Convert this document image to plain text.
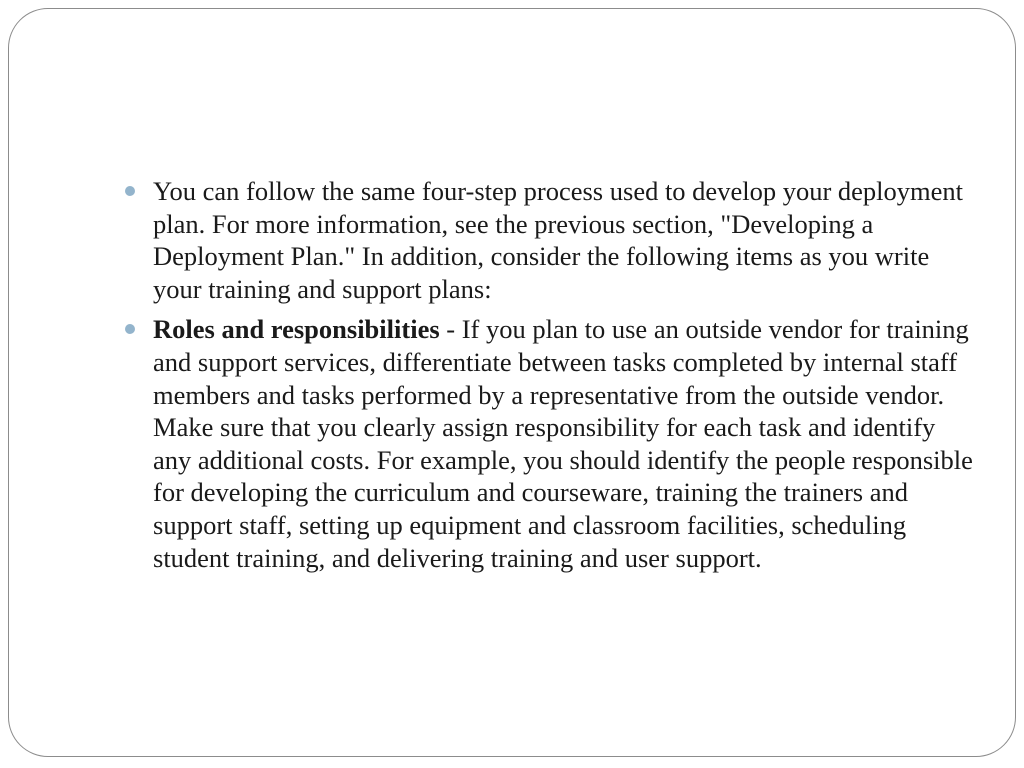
You can follow the same four-step process used to develop your deployment plan. For more information, see the previous section, "Developing a Deployment Plan." In addition, consider the following items as you write your training and support plans:
Roles and responsibilities - If you plan to use an outside vendor for training and support services, differentiate between tasks completed by internal staff members and tasks performed by a representative from the outside vendor. Make sure that you clearly assign responsibility for each task and identify any additional costs. For example, you should identify the people responsible for developing the curriculum and courseware, training the trainers and support staff, setting up equipment and classroom facilities, scheduling student training, and delivering training and user support.
